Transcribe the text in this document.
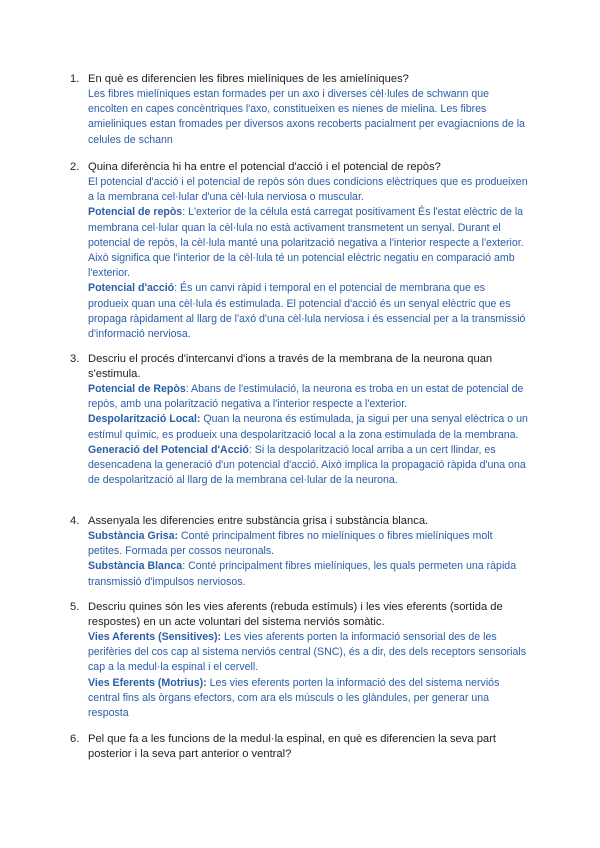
1. En què es diferencien les fibres mielíniques de les amielíniques?

Les fibres mielíniques estan formades per un axo i diverses cèl·lules de schwann que encolten en capes concèntriques l'axo, constitueixen es nienes de mielina. Les fibres amieliniques estan fromades per diversos axons recoberts pacialment per evagiacnions de la celules de schann

2. Quina diferència hi ha entre el potencial d'acció i el potencial de repòs?

El potencial d'acció i el potencial de repòs són dues condicions elèctriques que es produeixen a la membrana cel·lular d'una cèl·lula nerviosa o muscular.

Potencial de repòs: L'exterior de la célula está carregat positivament És l'estat elèctric de la membrana cel·lular quan la cèl·lula no està activament transmetent un senyal. Durant el potencial de repòs, la cèl·lula manté una polarització negativa a l'interior respecte a l'exterior. Això significa que l'interior de la cèl·lula té un potencial elèctric negatiu en comparació amb l'exterior.

Potencial d'acció: És un canvi ràpid i temporal en el potencial de membrana que es produeix quan una cèl·lula és estimulada. El potencial d'acció és un senyal elèctric que es propaga ràpidament al llarg de l'axó d'una cèl·lula nerviosa i és essencial per a la transmissió d'informació nerviosa.

3. Descriu el procés d'intercanvi d'ions a través de la membrana de la neurona quan s'estimula.

Potencial de Repòs: Abans de l'estimulació, la neurona es troba en un estat de potencial de repòs, amb una polarització negativa a l'interior respecte a l'exterior.

Despolarització Local: Quan la neurona és estimulada, ja sigui per una senyal elèctrica o un estímul químic, es produeix una despolarització local a la zona estimulada de la membrana.

Generació del Potencial d'Acció: Si la despolarització local arriba a un cert llindar, es desencadena la generació d'un potencial d'acció. Això implica la propagació ràpida d'una ona de despolarització al llarg de la membrana cel·lular de la neurona.

4. Assenyala les diferencies entre substància grisa i substància blanca.

Substància Grisa: Conté principalment fibres no mielíniques o fibres mielíniques molt petites. Formada per cossos neuronals.

Substància Blanca: Conté principalment fibres mielíniques, les quals permeten una ràpida transmissió d'impulsos nerviosos.

5. Descriu quines són les vies aferents (rebuda estímuls) i les vies eferents (sortida de respostes) en un acte voluntari del sistema nerviós somàtic.

Vies Aferents (Sensitives): Les vies aferents porten la informació sensorial des de les perifèries del cos cap al sistema nerviós central (SNC), és a dir, des dels receptors sensorials cap a la medul·la espinal i el cervell.

Vies Eferents (Motrius): Les vies eferents porten la informació des del sistema nerviós central fins als òrgans efectors, com ara els músculs o les glàndules, per generar una resposta

6. Pel que fa a les funcions de la medul·la espinal, en què es diferencien la seva part posterior i la seva part anterior o ventral?
